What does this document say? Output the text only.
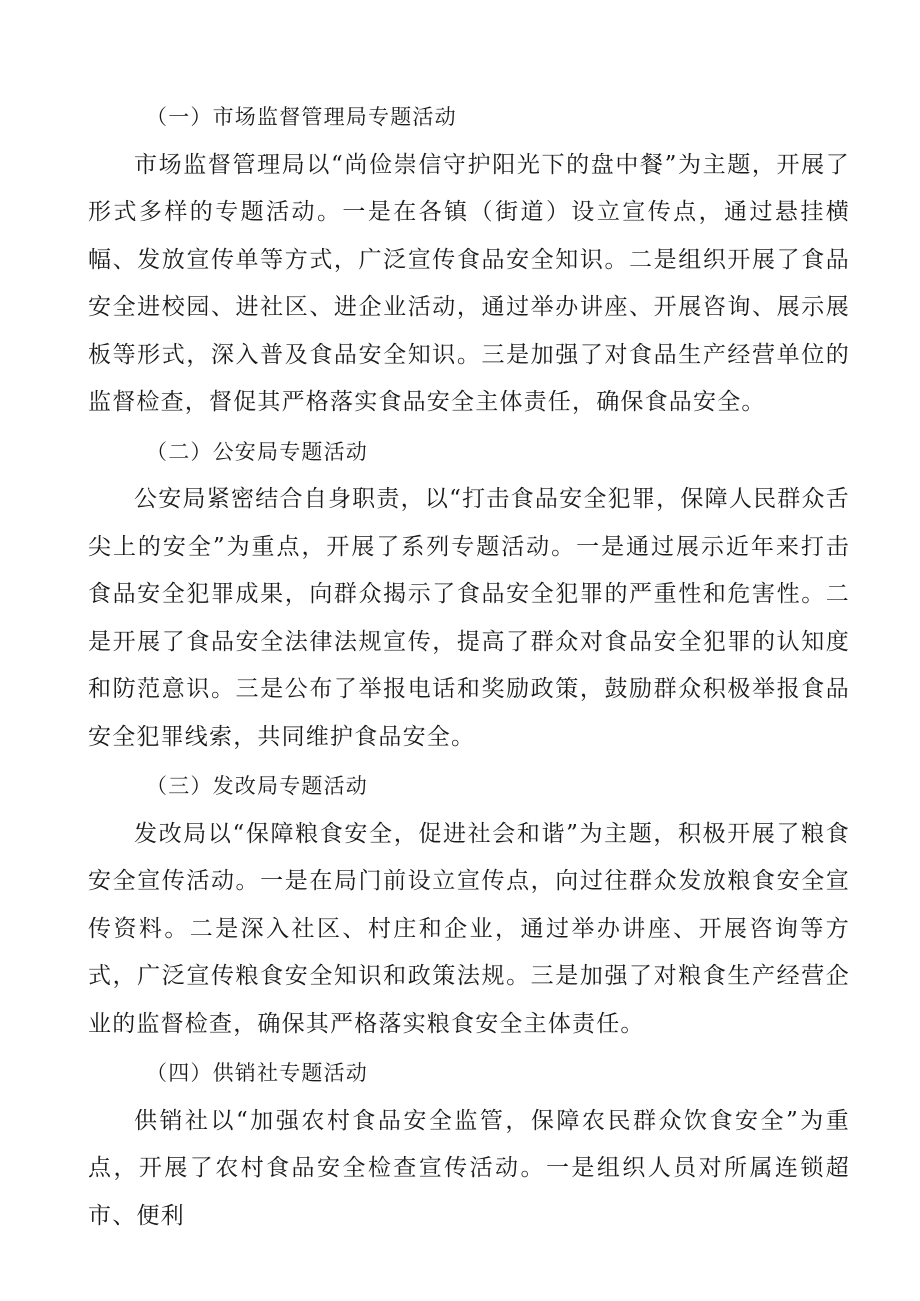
（一）市场监督管理局专题活动

市场监督管理局以“尚俭崇信守护阳光下的盘中餐”为主题，开展了形式多样的专题活动。一是在各镇（街道）设立宣传点，通过悬挂横幅、发放宣传单等方式，广泛宣传食品安全知识。二是组织开展了食品安全进校园、进社区、进企业活动，通过举办讲座、开展咨询、展示展板等形式，深入普及食品安全知识。三是加强了对食品生产经营单位的监督检查，督促其严格落实食品安全主体责任，确保食品安全。

（二）公安局专题活动

公安局紧密结合自身职责，以“打击食品安全犯罪，保障人民群众舌尖上的安全”为重点，开展了系列专题活动。一是通过展示近年来打击食品安全犯罪成果，向群众揭示了食品安全犯罪的严重性和危害性。二是开展了食品安全法律法规宣传，提高了群众对食品安全犯罪的认知度和防范意识。三是公布了举报电话和奖励政策，鼓励群众积极举报食品安全犯罪线索，共同维护食品安全。

（三）发改局专题活动

发改局以“保障粮食安全，促进社会和谐”为主题，积极开展了粮食安全宣传活动。一是在局门前设立宣传点，向过往群众发放粮食安全宣传资料。二是深入社区、村庄和企业，通过举办讲座、开展咨询等方式，广泛宣传粮食安全知识和政策法规。三是加强了对粮食生产经营企业的监督检查，确保其严格落实粮食安全主体责任。

（四）供销社专题活动

供销社以“加强农村食品安全监管，保障农民群众饮食安全”为重点，开展了农村食品安全检查宣传活动。一是组织人员对所属连锁超市、便利
